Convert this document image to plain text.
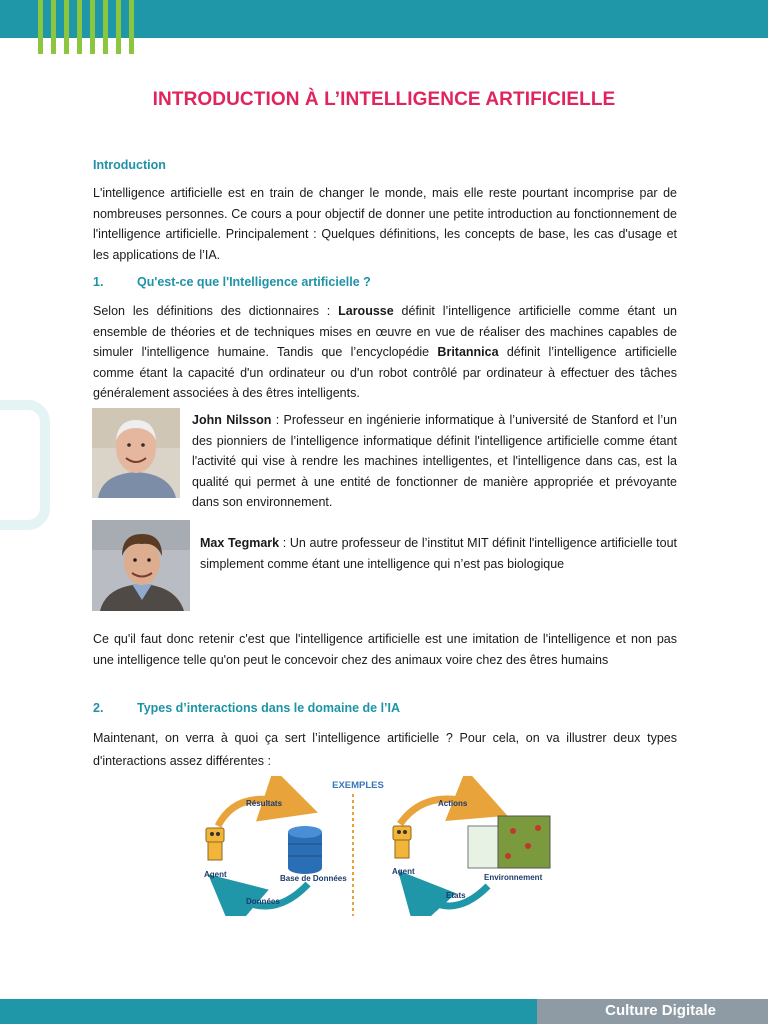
INTRODUCTION À L’INTELLIGENCE ARTIFICIELLE
Introduction

L'intelligence artificielle est en train de changer le monde, mais elle reste pourtant incomprise par de nombreuses personnes. Ce cours a pour objectif de donner une petite introduction au fonctionnement de l'intelligence artificielle. Principalement : Quelques définitions, les concepts de base, les cas d'usage et les applications de l’IA.

1.	Qu'est-ce que l'Intelligence artificielle ?

Selon les définitions des dictionnaires : Larousse définit l’intelligence artificielle comme étant un ensemble de théories et de techniques mises en œuvre en vue de réaliser des machines capables de simuler l'intelligence humaine. Tandis que l’encyclopédie Britannica définit l’intelligence artificielle comme étant la capacité d'un ordinateur ou d'un robot contrôlé par ordinateur à effectuer des tâches généralement associées à des êtres intelligents.

John Nilsson : Professeur en ingénierie informatique à l’université de Stanford et l’un des pionniers de l’intelligence informatique définit l'intelligence artificielle comme étant l'activité qui vise à rendre les machines intelligentes, et l'intelligence dans cas, est la qualité qui permet à une entité de fonctionner de manière appropriée et prévoyante dans son environnement.

Max Tegmark : Un autre professeur de l’institut MIT définit l'intelligence artificielle tout simplement comme étant une intelligence qui n’est pas biologique

Ce qu'il faut donc retenir c'est que l'intelligence artificielle est une imitation de l'intelligence et non pas une intelligence telle qu'on peut le concevoir chez des animaux voire chez des êtres humains

2.	Types d’interactions dans le domaine de l’IA

Maintenant, on verra à quoi ça sert l’intelligence artificielle ? Pour cela, on va illustrer deux types d'interactions assez différentes :

EXEMPLES
Résultats
Données
Agent	Base de Données
Actions
Etats
Agent
Environnement
Culture Digitale
